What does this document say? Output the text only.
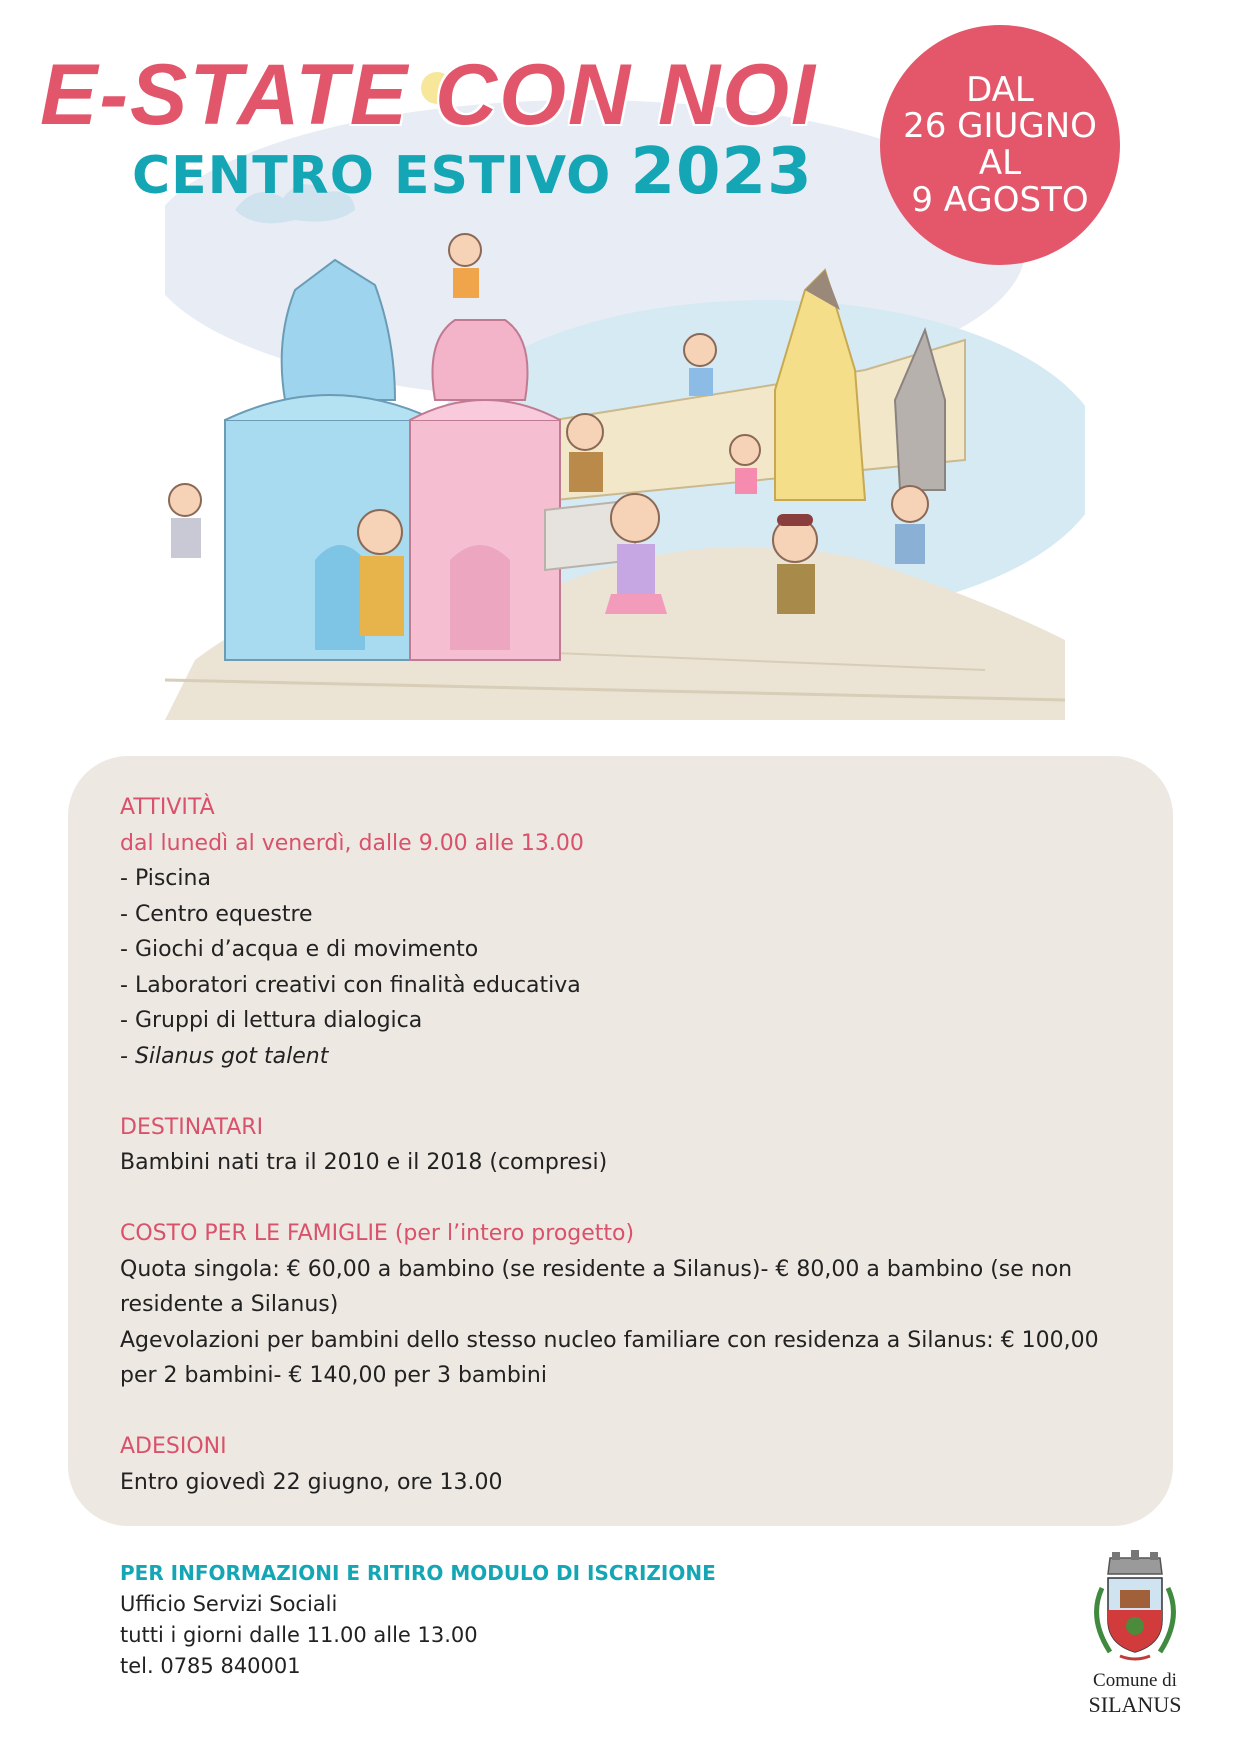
E-STATE CON NOI
CENTRO ESTIVO 2023
DAL
26 GIUGNO
AL
9 AGOSTO

ATTIVITÀ

dal lunedì al venerdì, dalle 9.00 alle 13.00

- Piscina
- Centro equestre
- Giochi d’acqua e di movimento
- Laboratori creativi con finalità educativa
- Gruppi di lettura dialogica
- Silanus got talent

DESTINATARI

Bambini nati tra il 2010 e il 2018 (compresi)

COSTO PER LE FAMIGLIE (per l’intero progetto)

Quota singola: € 60,00 a bambino (se residente a Silanus)- € 80,00 a bambino (se non residente a Silanus)

Agevolazioni per bambini dello stesso nucleo familiare con residenza a Silanus: € 100,00 per 2 bambini- € 140,00 per 3 bambini

ADESIONI

Entro giovedì 22 giugno, ore 13.00

PER INFORMAZIONI E RITIRO MODULO DI ISCRIZIONE

Ufficio Servizi Sociali

tutti i giorni dalle 11.00 alle 13.00

tel. 0785 840001

Comune di
SILANUS
